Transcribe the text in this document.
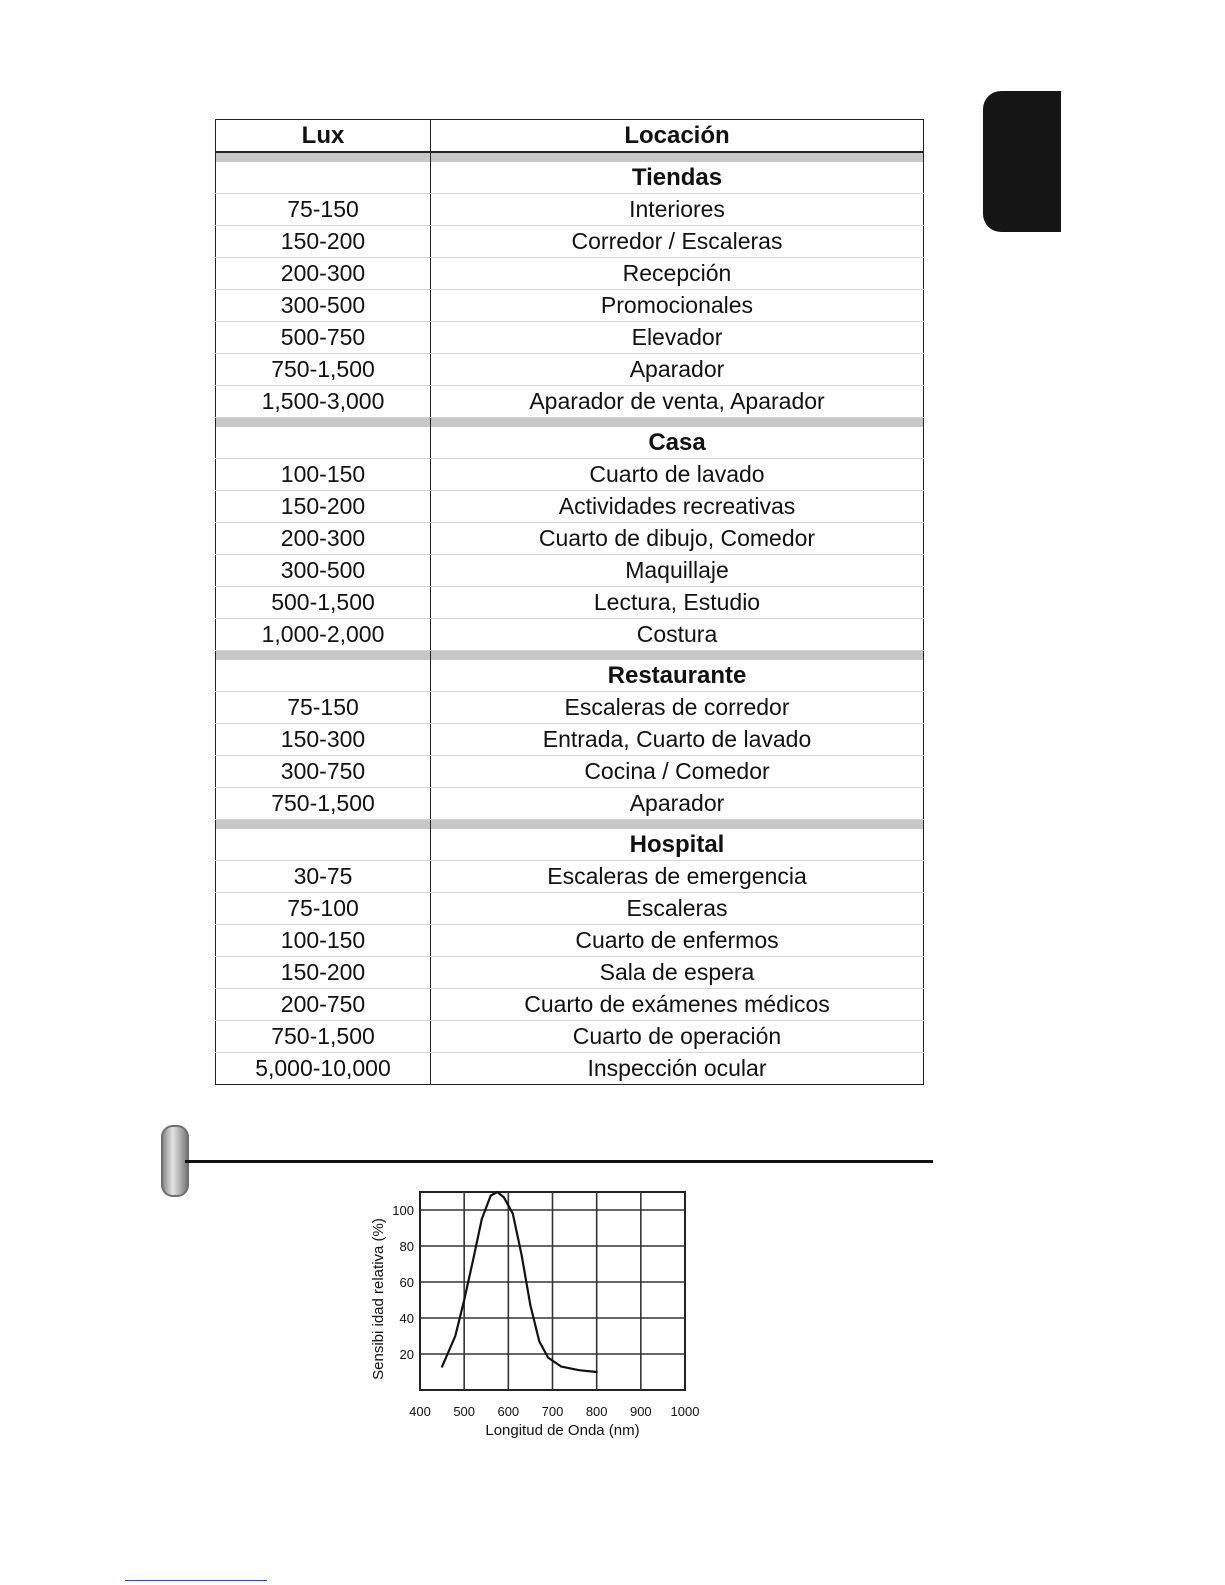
Lux	Locación

	Tiendas
75-150	Interiores
150-200	Corredor / Escaleras
200-300	Recepción
300-500	Promocionales
500-750	Elevador
750-1,500	Aparador
1,500-3,000	Aparador de venta, Aparador

	Casa
100-150	Cuarto de lavado
150-200	Actividades recreativas
200-300	Cuarto de dibujo, Comedor
300-500	Maquillaje
500-1,500	Lectura, Estudio
1,000-2,000	Costura

	Restaurante
75-150	Escaleras de corredor
150-300	Entrada, Cuarto de lavado
300-750	Cocina / Comedor
750-1,500	Aparador

	Hospital
30-75	Escaleras de emergencia
75-100	Escaleras
100-150	Cuarto de enfermos
150-200	Sala de espera
200-750	Cuarto de exámenes médicos
750-1,500	Cuarto de operación
5,000-10,000	Inspección ocular
400 500 600 700 800 900 1000
100
80
60
40
20
Longitud de Onda (nm)
Sensibi idad relativa (%)
